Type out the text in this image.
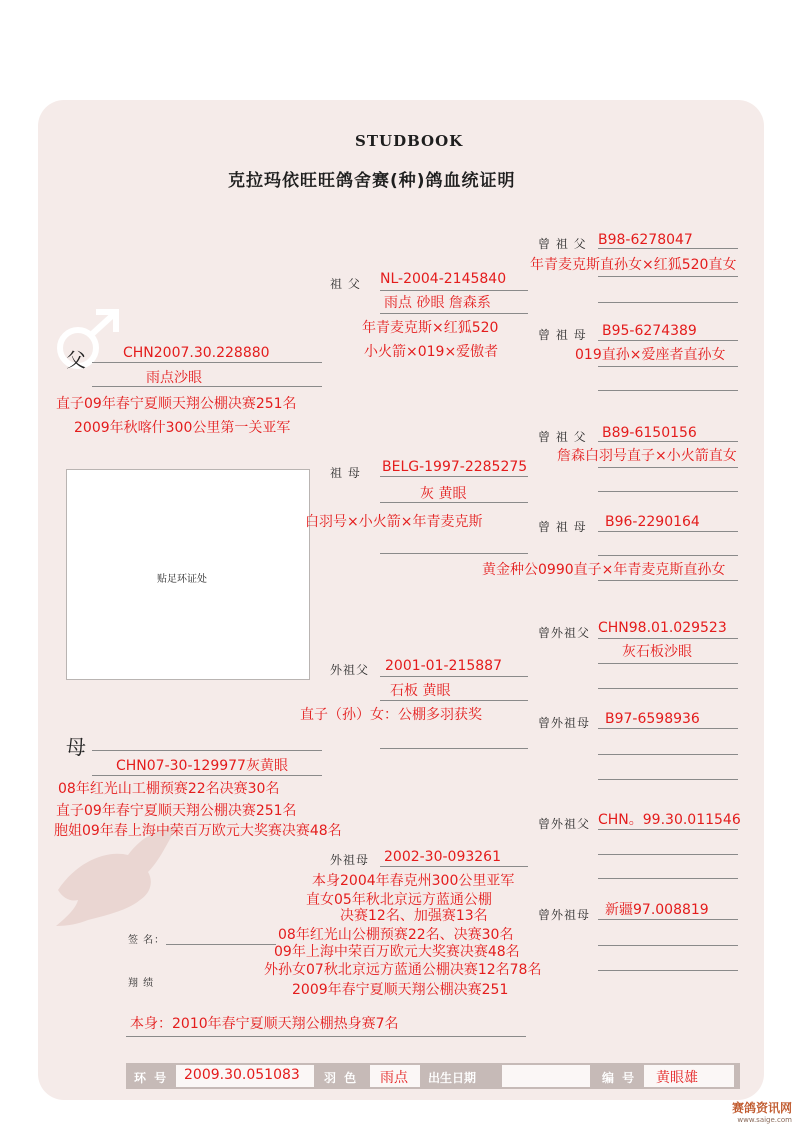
STUDBOOK
克拉玛依旺旺鸽舍赛(种)鸽血统证明
父	CHN2007.30.228880
雨点沙眼
直子09年春宁夏顺天翔公棚决赛251名
2009年秋喀什300公里第一关亚军
贴足环证处
母
CHN07-30-129977灰黄眼
08年红光山工棚预赛22名决赛30名
直子09年春宁夏顺天翔公棚决赛251名
胞姐09年春上海中荣百万欧元大奖赛决赛48名
祖 父 NL-2004-2145840
雨点 砂眼 詹森系
年青麦克斯×红狐520
小火箭×019×爱傲者
祖 母 BELG-1997-2285275
灰 黄眼
白羽号×小火箭×年青麦克斯
外祖父 2001-01-215887
石板 黄眼
直子（孙）女：公棚多羽获奖
外祖母 2002-30-093261
本身2004年春克州300公里亚军
直女05年秋北京远方蓝通公棚
决赛12名、加强赛13名
08年红光山公棚预赛22名、决赛30名
09年上海中荣百万欧元大奖赛决赛48名
外孙女07秋北京远方蓝通公棚决赛12名78名
2009年春宁夏顺天翔公棚决赛251
曾 祖 父 B98-6278047
年青麦克斯直孙女×红狐520直女
曾 祖 母 B95-6274389
019直孙×爱座者直孙女
曾 祖 父 B89-6150156
詹森白羽号直子×小火箭直女
曾 祖 母 B96-2290164
黄金种公0990直子×年青麦克斯直孙女
曾外祖父 CHN98.01.029523
灰石板沙眼
曾外祖母 B97-6598936
曾外祖父 CHN。99.30.011546
曾外祖母 新疆97.008819
签 名：
翔 绩
本身：2010年春宁夏顺天翔公棚热身赛7名
环 号 2009.30.051083 羽 色 雨点 出生日期	编 号 黄眼雄
赛鸽资讯网
www.saige.com
